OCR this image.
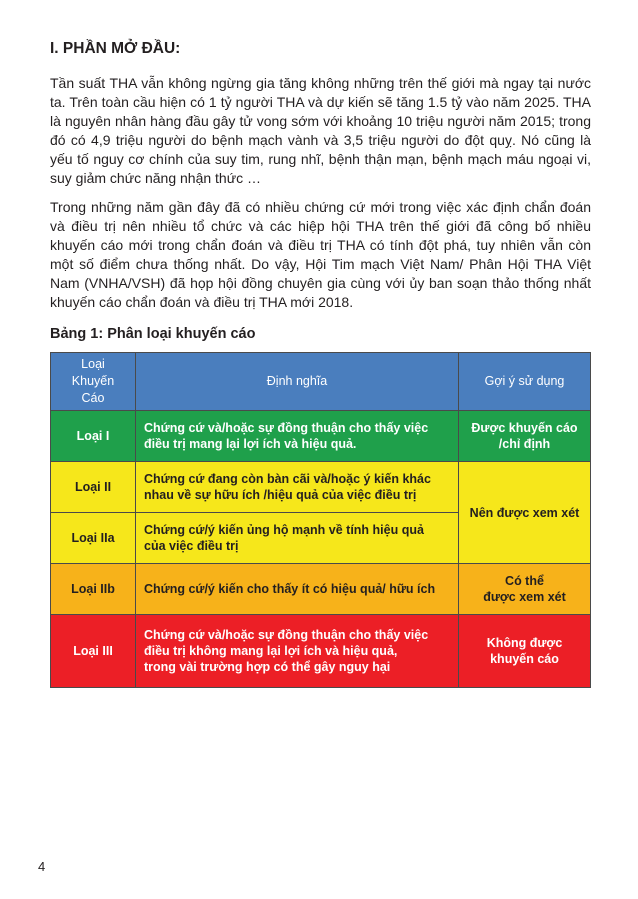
I. PHẦN MỞ ĐẦU:

Tần suất THA vẫn không ngừng gia tăng không những trên thế giới mà ngay tại nước ta. Trên toàn cầu hiện có 1 tỷ người THA và dự kiến sẽ tăng 1.5 tỷ vào năm 2025. THA là nguyên nhân hàng đầu gây tử vong sớm với khoảng 10 triệu người năm 2015; trong đó có 4,9 triệu người do bệnh mạch vành và 3,5 triệu người do đột quỵ. Nó cũng là yếu tố nguy cơ chính của suy tim, rung nhĩ, bệnh thận mạn, bệnh mạch máu ngoại vi, suy giảm chức năng nhận thức …

Trong những năm gần đây đã có nhiều chứng cứ mới trong việc xác định chẩn đoán và điều trị nên nhiều tổ chức và các hiệp hội THA trên thế giới đã công bố nhiều khuyến cáo mới trong chẩn đoán và điều trị THA có tính đột phá, tuy nhiên vẫn còn một số điểm chưa thống nhất. Do vậy, Hội Tim mạch Việt Nam/ Phân Hội THA Việt Nam (VNHA/VSH) đã họp hội đồng chuyên gia cùng với ủy ban soạn thảo thống nhất khuyến cáo chẩn đoán và điều trị THA mới 2018.

Bảng 1: Phân loại khuyến cáo
Loại
Khuyến Cáo	Định nghĩa	Gợi ý sử dụng
Loại I	Chứng cứ và/hoặc sự đồng thuận cho thấy việc
điều trị mang lại lợi ích và hiệu quả.	Được khuyến cáo
/chỉ định
Loại II	Chứng cứ đang còn bàn cãi và/hoặc ý kiến khác
nhau về sự hữu ích /hiệu quả của việc điều trị	Nên được xem xét
Loại IIa	Chứng cứ/ý kiến ủng hộ mạnh về tính hiệu quả
của việc điều trị	
Loại IIb	Chứng cứ/ý kiến cho thấy ít có hiệu quả/ hữu ích	Có thể
được xem xét
Loại III	Chứng cứ và/hoặc sự đồng thuận cho thấy việc
điều trị không mang lại lợi ích và hiệu quả,
trong vài trường hợp có thể gây nguy hại	Không được
khuyến cáo
4
